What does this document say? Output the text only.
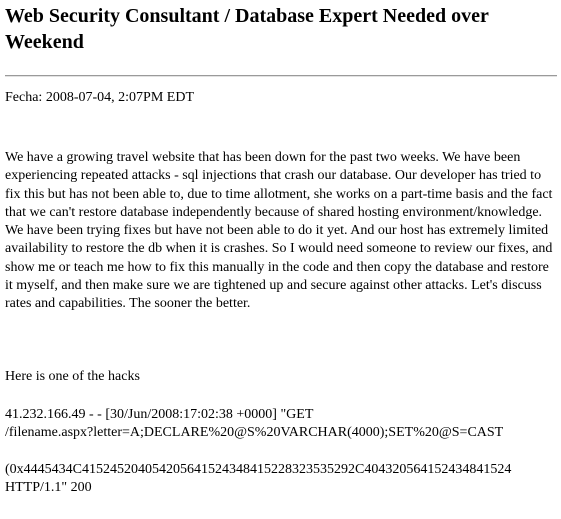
Web Security Consultant / Database Expert Needed over Weekend
Fecha: 2008-07-04, 2:07PM EDT

We have a growing travel website that has been down for the past two weeks. We have been experiencing repeated attacks - sql injections that crash our database. Our developer has tried to fix this but has not been able to, due to time allotment, she works on a part-time basis and the fact that we can't restore database independently because of shared hosting environment/knowledge. We have been trying fixes but have not been able to do it yet. And our host has extremely limited availability to restore the db when it is crashes. So I would need someone to review our fixes, and show me or teach me how to fix this manually in the code and then copy the database and restore it myself, and then make sure we are tightened up and secure against other attacks. Let's discuss rates and capabilities. The sooner the better.

Here is one of the hacks
41.232.166.49 - - [30/Jun/2008:17:02:38 +0000] "GET
/filename.aspx?letter=A;DECLARE%20@S%20VARCHAR(4000);SET%20@S=CAST
(0x4445434C415245204054205641524348415228323535292C404320564152434841524
HTTP/1.1" 200
